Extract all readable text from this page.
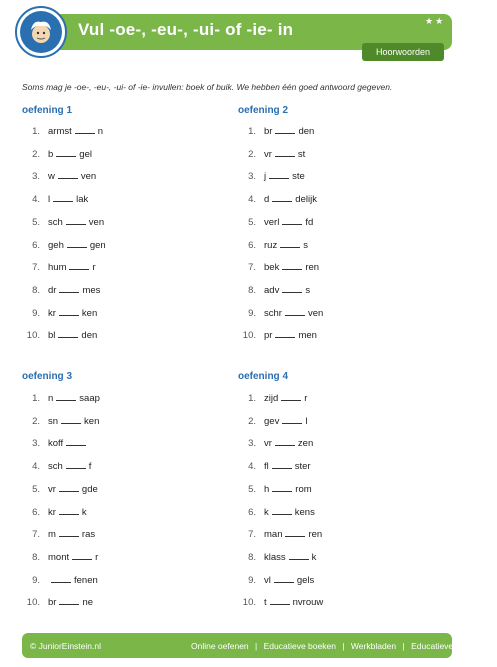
Vul -oe-, -eu-, -ui- of -ie- in	★★
Hoorwoorden
Soms mag je -oe-, -eu-, -ui- of -ie- invullen: boek of buik. We hebben één goed antwoord gegeven.
oefening 1
1. armst	n
2. b	gel
3. w	ven
4. l	lak
5. sch	ven
6. geh	gen
7. hum	r
8. dr	mes
9. kr	ken
10. bl	den
oefening 2
1. br	den
2. vr	st
3. j	ste
4. d	delijk
5. verl	fd
6. ruz	s
7. bek	ren
8. adv	s
9. schr	ven
10. pr	men
oefening 3
1. n	saap
2. sn	ken
3. koff
4. sch	f
5. vr	gde
6. kr	k
7. m	ras
8. mont	r
9.	fenen
10. br	ne
oefening 4
1. zijd	r
2. gev	l
3. vr	zen
4. fl	ster
5. h	rom
6. k	kens
7. man	ren
8. klass	k
9. vl	gels
10. t	nvrouw
© JuniorEinstein.nl	Online oefenen | Educatieve boeken | Werkbladen | Educatieve materialen
